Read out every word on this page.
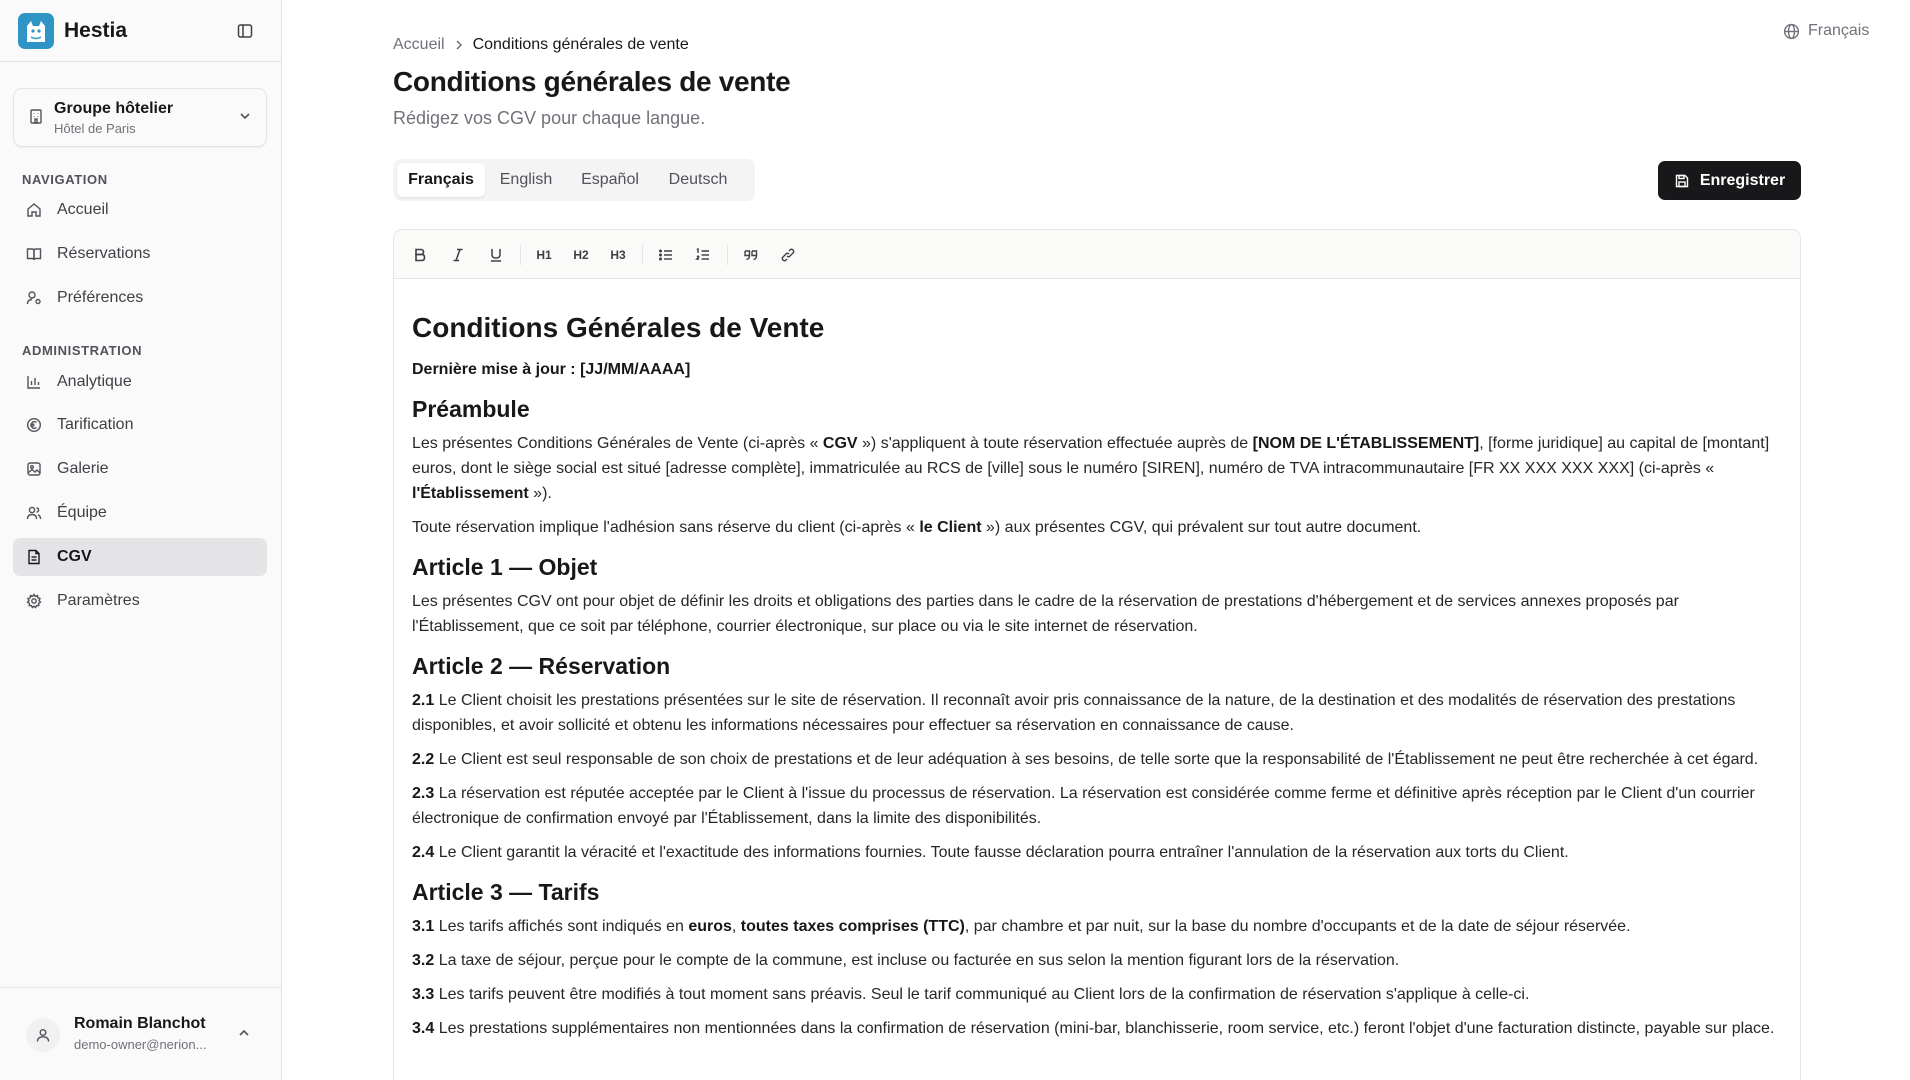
Hestia
Groupe hôtelier
Hôtel de Paris
NAVIGATION
Accueil
Réservations
Préférences
ADMINISTRATION
Analytique
Tarification
Galerie
Équipe
CGV
Paramètres
Romain Blanchot
demo-owner@nerion...
Français
Accueil Conditions générales de vente
Conditions générales de vente

Rédigez vos CGV pour chaque langue.

Français	English	Español	Deutsch	Enregistrer
H1	H2	H3
Conditions Générales de Vente

Dernière mise à jour : [JJ/MM/AAAA]

Préambule

Les présentes Conditions Générales de Vente (ci-après « CGV ») s'appliquent à toute réservation effectuée auprès de [NOM DE L'ÉTABLISSEMENT], [forme juridique] au capital de [montant] euros, dont le siège social est situé [adresse complète], immatriculée au RCS de [ville] sous le numéro [SIREN], numéro de TVA intracommunautaire [FR XX XXX XXX XXX] (ci-après « l'Établissement »).

Toute réservation implique l'adhésion sans réserve du client (ci-après « le Client ») aux présentes CGV, qui prévalent sur tout autre document.

Article 1 — Objet

Les présentes CGV ont pour objet de définir les droits et obligations des parties dans le cadre de la réservation de prestations d'hébergement et de services annexes proposés par l'Établissement, que ce soit par téléphone, courrier électronique, sur place ou via le site internet de réservation.

Article 2 — Réservation

2.1 Le Client choisit les prestations présentées sur le site de réservation. Il reconnaît avoir pris connaissance de la nature, de la destination et des modalités de réservation des prestations disponibles, et avoir sollicité et obtenu les informations nécessaires pour effectuer sa réservation en connaissance de cause.

2.2 Le Client est seul responsable de son choix de prestations et de leur adéquation à ses besoins, de telle sorte que la responsabilité de l'Établissement ne peut être recherchée à cet égard.

2.3 La réservation est réputée acceptée par le Client à l'issue du processus de réservation. La réservation est considérée comme ferme et définitive après réception par le Client d'un courrier électronique de confirmation envoyé par l'Établissement, dans la limite des disponibilités.

2.4 Le Client garantit la véracité et l'exactitude des informations fournies. Toute fausse déclaration pourra entraîner l'annulation de la réservation aux torts du Client.

Article 3 — Tarifs

3.1 Les tarifs affichés sont indiqués en euros, toutes taxes comprises (TTC), par chambre et par nuit, sur la base du nombre d'occupants et de la date de séjour réservée.

3.2 La taxe de séjour, perçue pour le compte de la commune, est incluse ou facturée en sus selon la mention figurant lors de la réservation.

3.3 Les tarifs peuvent être modifiés à tout moment sans préavis. Seul le tarif communiqué au Client lors de la confirmation de réservation s'applique à celle-ci.

3.4 Les prestations supplémentaires non mentionnées dans la confirmation de réservation (mini-bar, blanchisserie, room service, etc.) feront l'objet d'une facturation distincte, payable sur place.
